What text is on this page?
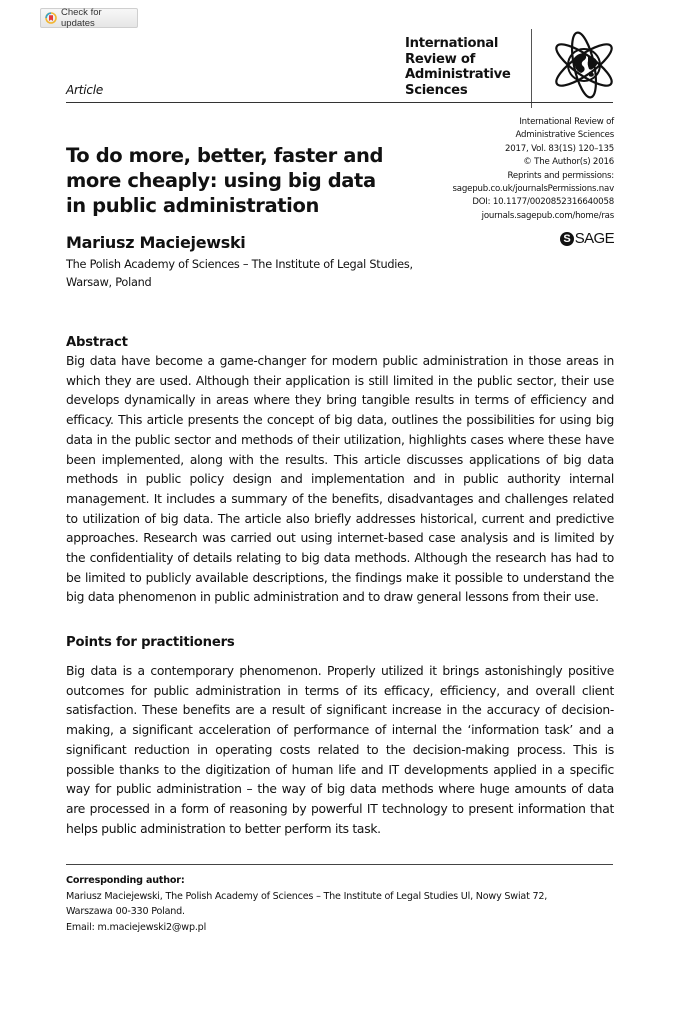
Check for updates
Article
International
Review of
Administrative
Sciences
International Review of
Administrative Sciences
2017, Vol. 83(1S) 120–135
© The Author(s) 2016
Reprints and permissions:
sagepub.co.uk/journalsPermissions.nav
DOI: 10.1177/0020852316640058
journals.sagepub.com/home/ras
S SAGE
To do more, better, faster and
more cheaply: using big data
in public administration
Mariusz Maciejewski
The Polish Academy of Sciences – The Institute of Legal Studies,
Warsaw, Poland
Abstract

Big data have become a game-changer for modern public administration in those areas in which they are used. Although their application is still limited in the public sector, their use develops dynamically in areas where they bring tangible results in terms of efficiency and efficacy. This article presents the concept of big data, outlines the possibilities for using big data in the public sector and methods of their utilization, highlights cases where these have been implemented, along with the results. This article discusses applications of big data methods in public policy design and implementation and in public authority internal management. It includes a summary of the benefits, disadvantages and challenges related to utilization of big data. The article also briefly addresses historical, current and predictive approaches. Research was carried out using internet-based case analysis and is limited by the confidentiality of details relating to big data methods. Although the research has had to be limited to publicly available descriptions, the findings make it possible to understand the big data phenomenon in public administration and to draw general lessons from their use.

Points for practitioners

Big data is a contemporary phenomenon. Properly utilized it brings astonishingly positive outcomes for public administration in terms of its efficacy, efficiency, and overall client satisfaction. These benefits are a result of significant increase in the accuracy of decision-making, a significant acceleration of performance of internal the ‘information task’ and a significant reduction in operating costs related to the decision-making process. This is possible thanks to the digitization of human life and IT developments applied in a specific way for public administration – the way of big data methods where huge amounts of data are processed in a form of reasoning by powerful IT technology to present information that helps public administration to better perform its task.

Corresponding author:
Mariusz Maciejewski, The Polish Academy of Sciences – The Institute of Legal Studies Ul, Nowy Swiat 72,
Warszawa 00-330 Poland.
Email: m.maciejewski2@wp.pl
